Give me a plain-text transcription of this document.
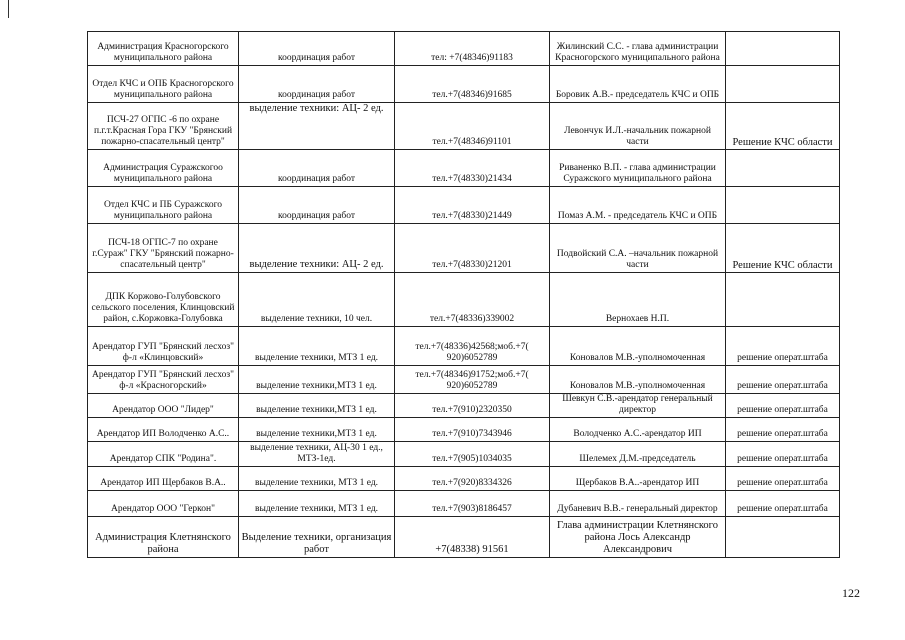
Администрация Красногорского муниципального района	координация работ	тел: +7(48346)91183	Жилинский С.С. - глава администрации Красногорского муниципального района	
Отдел КЧС и ОПБ Красногорского муниципального района	координация работ	тел.+7(48346)91685	Боровик А.В.- председатель КЧС и ОПБ	
ПСЧ-27 ОГПС -6 по охране п.г.т.Красная Гора ГКУ "Брянский пожарно-спасательный центр"	выделение техники: АЦ- 2 ед.	тел.+7(48346)91101	Левончук И.Л.-начальник пожарной части	Решение КЧС области
Администрация Суражскогоо муниципального района	координация работ	тел.+7(48330)21434	Риваненко В.П. - глава администрации Суражского муниципального района	
Отдел КЧС и ПБ Суражского муниципального района	координация работ	тел.+7(48330)21449	Помаз А.М. - председатель КЧС и ОПБ	
ПСЧ-18 ОГПС-7 по охране г.Сураж" ГКУ "Брянский пожарно-спасательный центр"	выделение техники: АЦ- 2 ед.	тел.+7(48330)21201	Подвойский С.А. –начальник пожарной части	Решение КЧС области
ДПК Коржово-Голубовского сельского поселения, Клинцовский район, с.Коржовка-Голубовка	выделение техники, 10 чел.	тел.+7(48336)339002	Вернохаев Н.П.	
Арендатор ГУП "Брянский лесхоз" ф-л «Клинцовский»	выделение техники, МТЗ 1 ед.	тел.+7(48336)42568;моб.+7( 920)6052789	Коновалов М.В.-уполномоченная	решение операт.штаба
Арендатор ГУП "Брянский лесхоз" ф-л «Красногорский»	выделение техники,МТЗ 1 ед.	тел.+7(48346)91752;моб.+7( 920)6052789	Коновалов М.В.-уполномоченная	решение операт.штаба
Арендатор ООО "Лидер"	выделение техники,МТЗ 1 ед.	тел.+7(910)2320350	Шевкун С.В.-арендатор генеральный директор	решение операт.штаба
Арендатор ИП Володченко А.С..	выделение техники,МТЗ 1 ед.	тел.+7(910)7343946	Володченко А.С.-арендатор ИП	решение операт.штаба
Арендатор СПК "Родина".	выделение техники, АЦ-30 1 ед., МТЗ-1ед.	тел.+7(905)1034035	Шелемех Д.М.-председатель	решение операт.штаба
Арендатор ИП Щербаков В.А..	выделение техники, МТЗ 1 ед.	тел.+7(920)8334326	Щербаков В.А..-арендатор ИП	решение операт.штаба
Арендатор ООО "Геркон"	выделение техники, МТЗ 1 ед.	тел.+7(903)8186457	Дубаневич В.В.- генеральный директор	решение операт.штаба
Администрация Клетнянского района	Выделение техники, организация работ	+7(48338) 91561	Глава администрации Клетнянского района Лось Александр Александрович	
122
